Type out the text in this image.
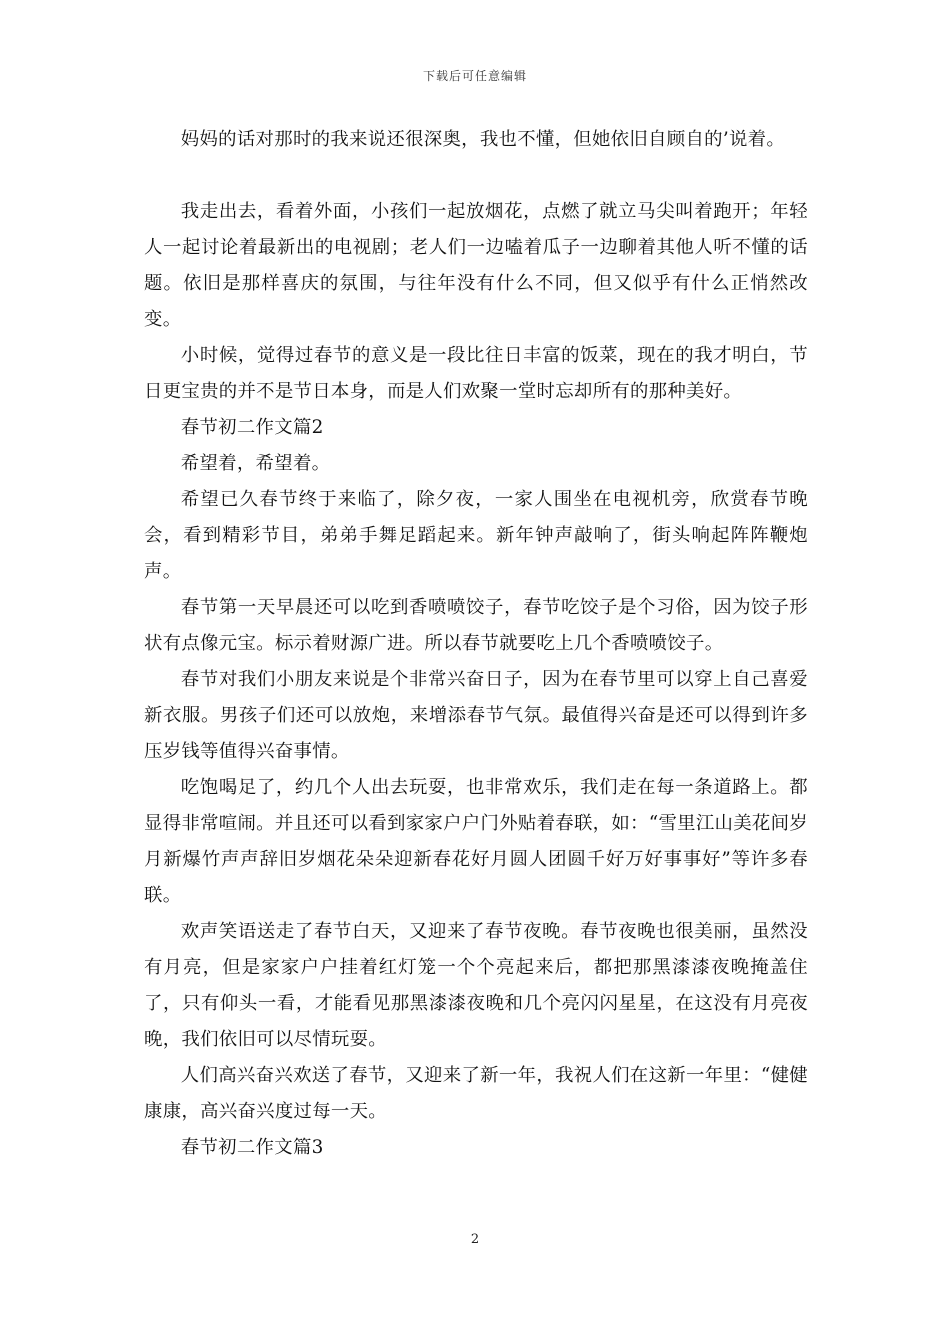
下载后可任意编辑

妈妈的话对那时的我来说还很深奥，我也不懂，但她依旧自顾自的’说着。

我走出去，看着外面，小孩们一起放烟花，点燃了就立马尖叫着跑开；年轻人一起讨论着最新出的电视剧；老人们一边嗑着瓜子一边聊着其他人听不懂的话题。依旧是那样喜庆的氛围，与往年没有什么不同，但又似乎有什么正悄然改变。

小时候，觉得过春节的意义是一段比往日丰富的饭菜，现在的我才明白，节日更宝贵的并不是节日本身，而是人们欢聚一堂时忘却所有的那种美好。

春节初二作文篇2

希望着，希望着。

希望已久春节终于来临了，除夕夜，一家人围坐在电视机旁，欣赏春节晚会，看到精彩节目，弟弟手舞足蹈起来。新年钟声敲响了，街头响起阵阵鞭炮声。

春节第一天早晨还可以吃到香喷喷饺子，春节吃饺子是个习俗，因为饺子形状有点像元宝。标示着财源广进。所以春节就要吃上几个香喷喷饺子。

春节对我们小朋友来说是个非常兴奋日子，因为在春节里可以穿上自己喜爱新衣服。男孩子们还可以放炮，来增添春节气氛。最值得兴奋是还可以得到许多压岁钱等值得兴奋事情。

吃饱喝足了，约几个人出去玩耍，也非常欢乐，我们走在每一条道路上。都显得非常喧闹。并且还可以看到家家户户门外贴着春联，如：“雪里江山美花间岁月新爆竹声声辞旧岁烟花朵朵迎新春花好月圆人团圆千好万好事事好”等许多春联。

欢声笑语送走了春节白天，又迎来了春节夜晚。春节夜晚也很美丽，虽然没有月亮，但是家家户户挂着红灯笼一个个亮起来后，都把那黑漆漆夜晚掩盖住了，只有仰头一看，才能看见那黑漆漆夜晚和几个亮闪闪星星，在这没有月亮夜晚，我们依旧可以尽情玩耍。

人们高兴奋兴欢送了春节，又迎来了新一年，我祝人们在这新一年里：“健健康康，高兴奋兴度过每一天。

春节初二作文篇3

2
